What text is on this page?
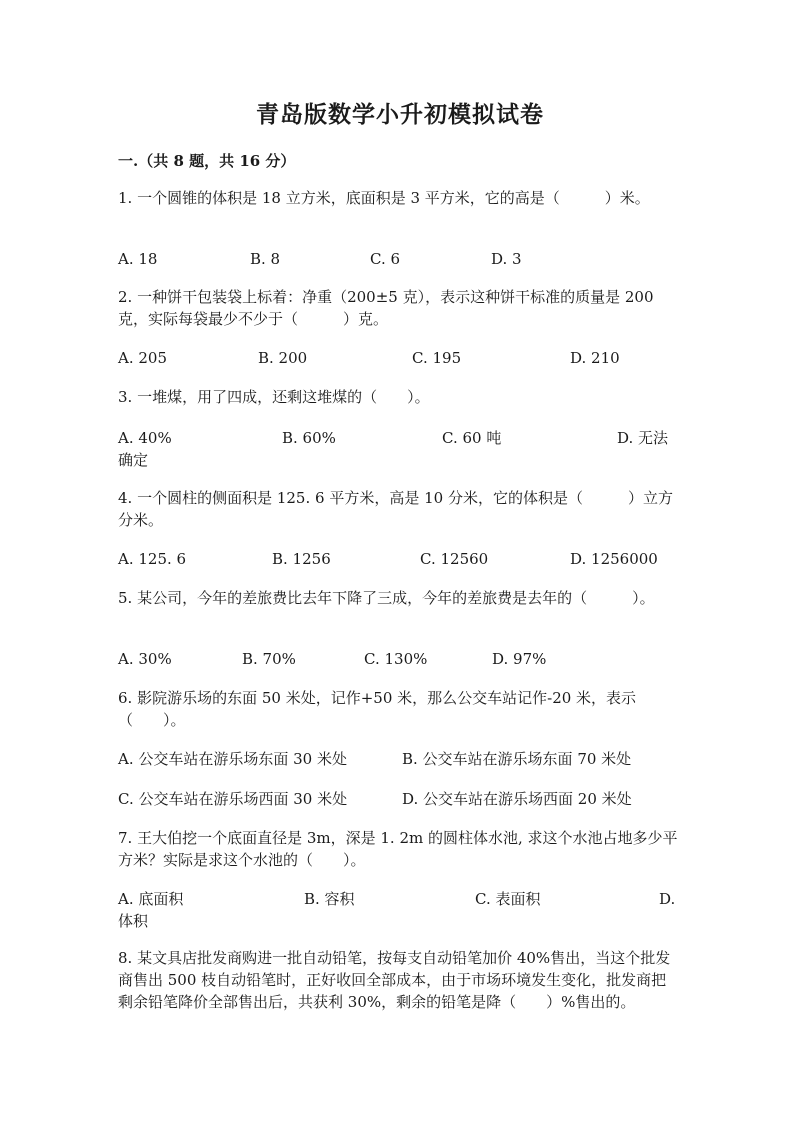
青岛版数学小升初模拟试卷
一.（共 8 题，共 16 分）
1. 一个圆锥的体积是 18 立方米，底面积是 3 平方米，它的高是（　　　）米。
A. 18	B. 8	C. 6	D. 3
2. 一种饼干包装袋上标着：净重（200±5 克），表示这种饼干标准的质量是 200 克，实际每袋最少不少于（　　　）克。
A. 205	B. 200	C. 195	D. 210
3. 一堆煤，用了四成，还剩这堆煤的（　　）。
A. 40%	B. 60%	C. 60 吨	D. 无法
确定
4. 一个圆柱的侧面积是 125. 6 平方米，高是 10 分米，它的体积是（　　　）立方分米。
A. 125. 6	B. 1256	C. 12560	D. 1256000
5. 某公司，今年的差旅费比去年下降了三成，今年的差旅费是去年的（　　　）。
A. 30%	B. 70%	C. 130%	D. 97%
6. 影院游乐场的东面 50 米处，记作+50 米，那么公交车站记作-20 米，表示（　　）。
A. 公交车站在游乐场东面 30 米处	B. 公交车站在游乐场东面 70 米处
C. 公交车站在游乐场西面 30 米处	D. 公交车站在游乐场西面 20 米处
7. 王大伯挖一个底面直径是 3m，深是 1. 2m 的圆柱体水池, 求这个水池占地多少平方米？实际是求这个水池的（　　）。
A. 底面积	B. 容积	C. 表面积	D.
体积
8. 某文具店批发商购进一批自动铅笔，按每支自动铅笔加价 40%售出，当这个批发商售出 500 枝自动铅笔时，正好收回全部成本，由于市场环境发生变化，批发商把剩余铅笔降价全部售出后，共获利 30%，剩余的铅笔是降（　　）%售出的。
